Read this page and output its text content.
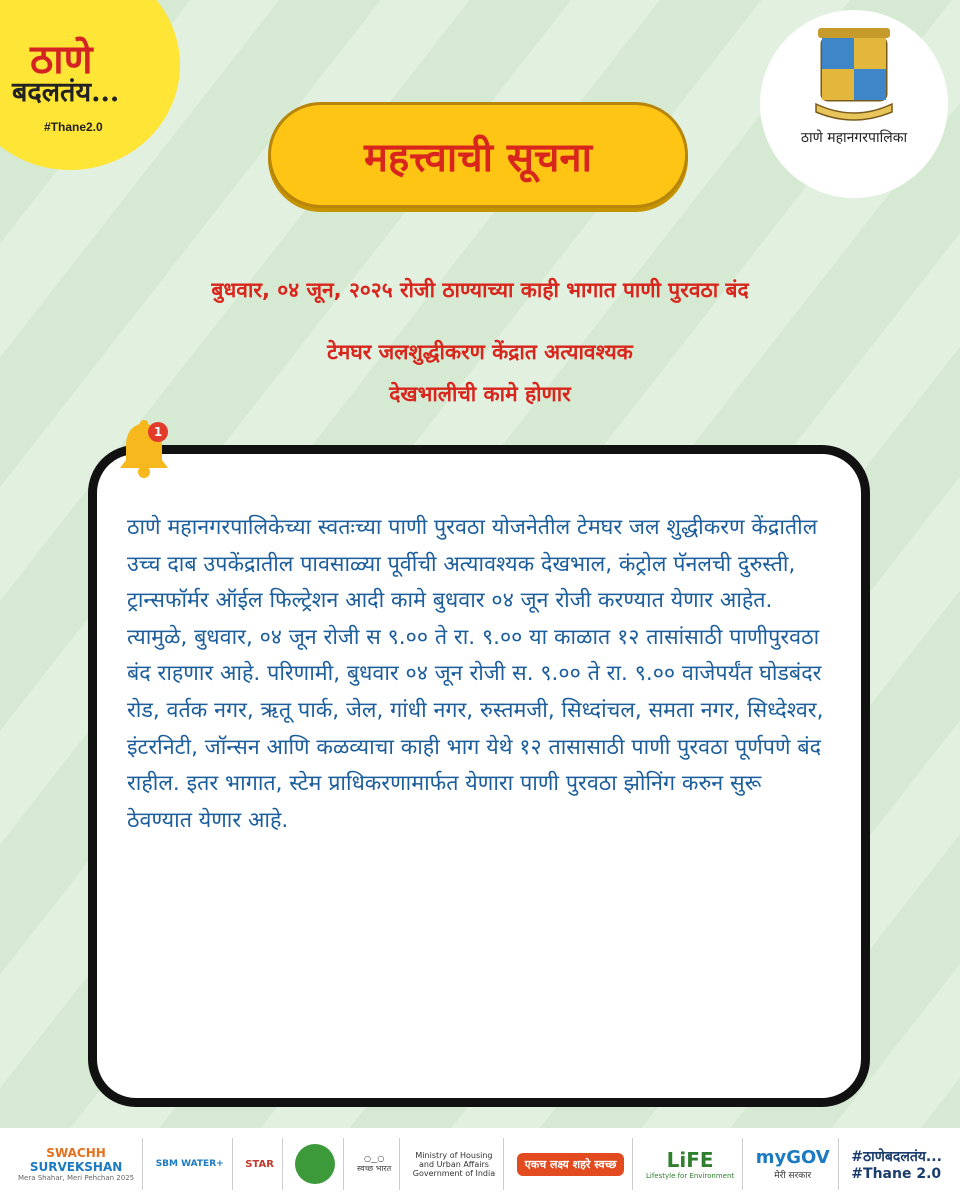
ठाणे
बदलतंय...
#Thane2.0
ठाणे महानगरपालिका
महत्त्वाची सूचना
बुधवार, ०४ जून, २०२५ रोजी ठाण्याच्या काही भागात पाणी पुरवठा बंद
टेमघर जलशुद्धीकरण केंद्रात अत्यावश्यक
देखभालीची कामे होणार

ठाणे महानगरपालिकेच्या स्वतःच्या पाणी पुरवठा योजनेतील टेमघर जल शुद्धीकरण केंद्रातील उच्च दाब उपकेंद्रातील पावसाळ्या पूर्वीची अत्यावश्यक देखभाल, कंट्रोल पॅनलची दुरुस्ती, ट्रान्सफॉर्मर ऑईल फिल्ट्रेशन आदी कामे बुधवार ०४ जून रोजी करण्यात येणार आहेत. त्यामुळे, बुधवार, ०४ जून रोजी स ९.०० ते रा. ९.०० या काळात १२ तासांसाठी पाणीपुरवठा बंद राहणार आहे. परिणामी, बुधवार ०४ जून रोजी स. ९.०० ते रा. ९.०० वाजेपर्यंत घोडबंदर रोड, वर्तक नगर, ऋतू पार्क, जेल, गांधी नगर, रुस्तमजी, सिध्दांचल, समता नगर, सिध्देश्वर, इंटरनिटी, जॉन्सन आणि कळव्याचा काही भाग येथे १२ तासासाठी पाणी पुरवठा पूर्णपणे बंद राहील. इतर भागात, स्टेम प्राधिकरणामार्फत येणारा पाणी पुरवठा झोनिंग करुन सुरू ठेवण्यात येणार आहे.

1
SWACHH
SURVEKSHAN
Mera Shahar, Meri Pehchan 2025
SBM WATER+ STAR	○‿○
स्वच्छ भारत
Ministry of Housing
and Urban Affairs
Government of India
एकच लक्ष्य शहरे स्वच्छ	LiFE
Lifestyle for Environment
myGOV
मेरी सरकार
#ठाणेबदलतंय...
#Thane 2.0
